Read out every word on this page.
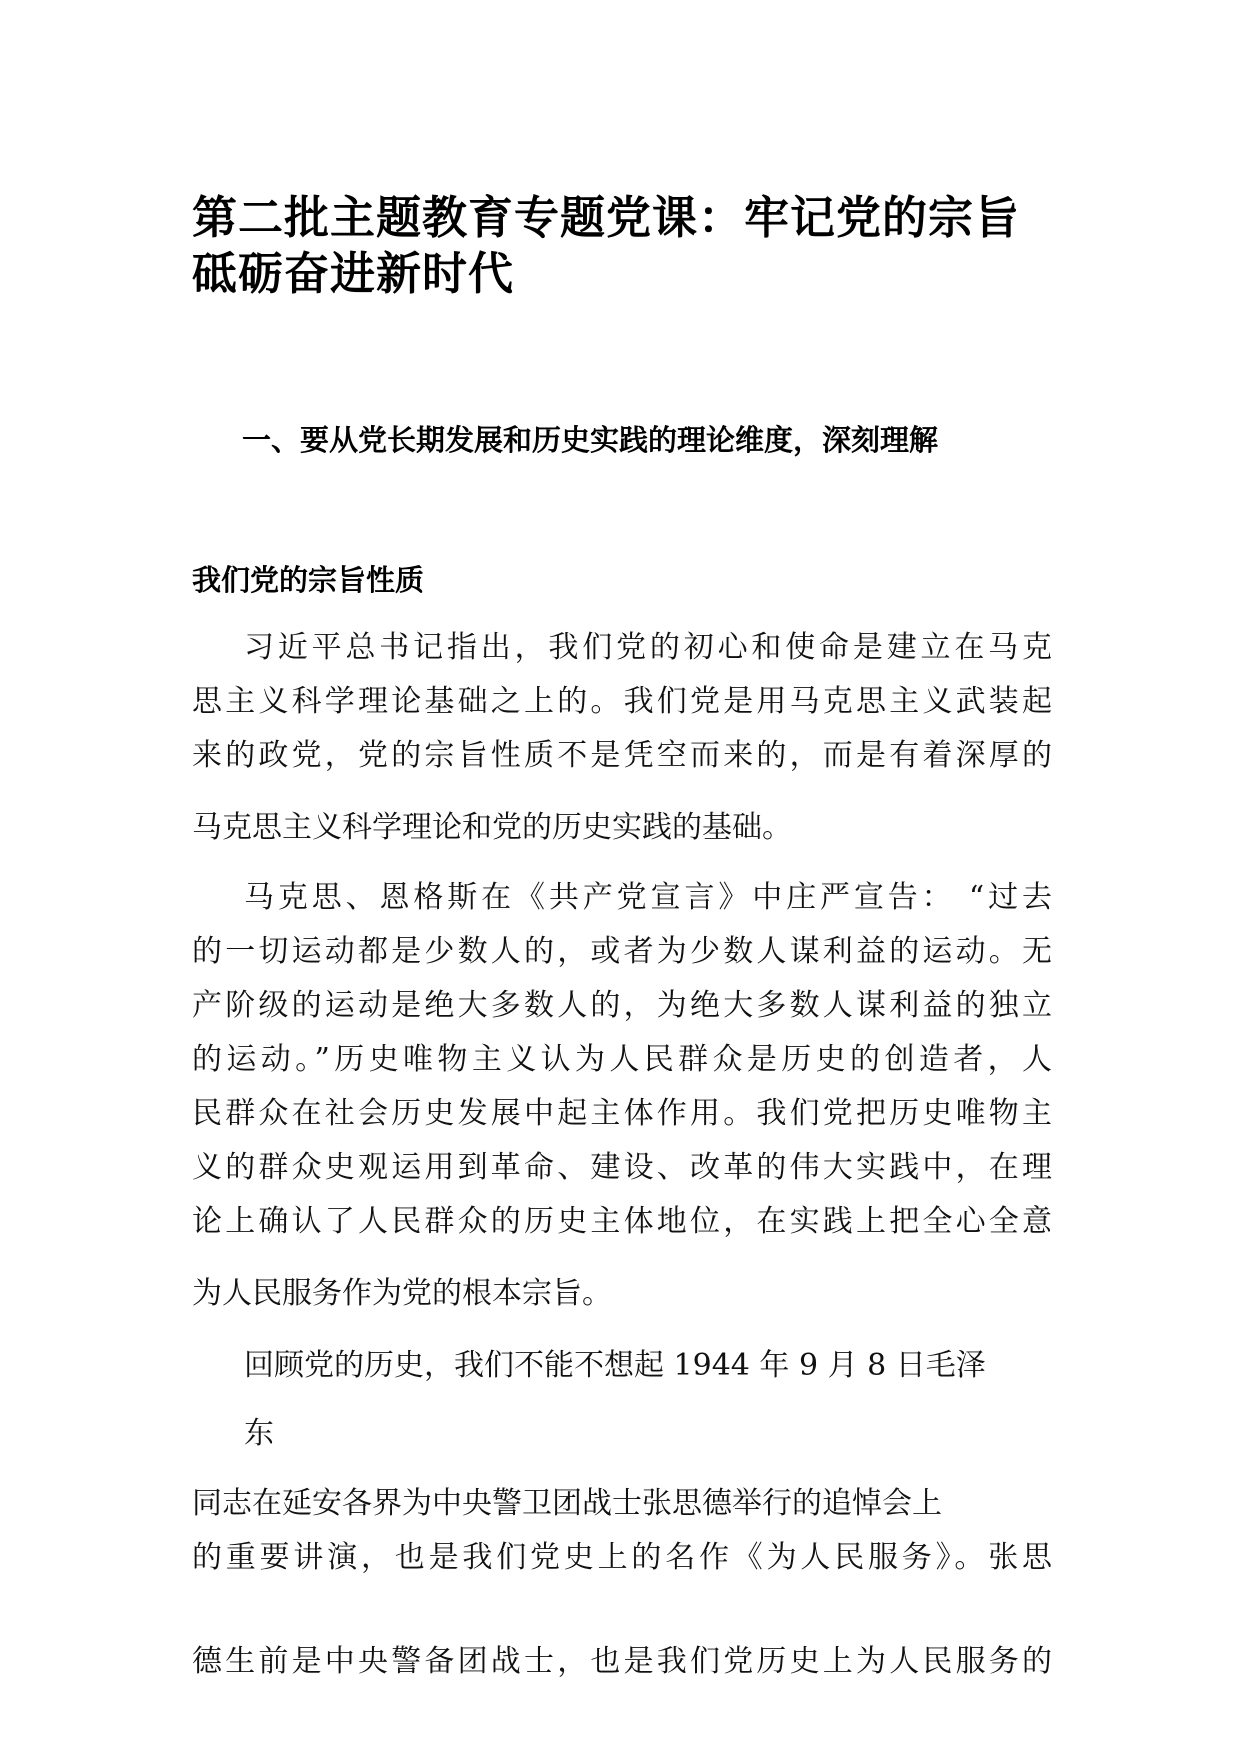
第二批主题教育专题党课：牢记党的宗旨
砥砺奋进新时代
一、要从党长期发展和历史实践的理论维度，深刻理解
我们党的宗旨性质

习近平总书记指出，我们党的初心和使命是建立在马克

思主义科学理论基础之上的。我们党是用马克思主义武装起

来的政党，党的宗旨性质不是凭空而来的，而是有着深厚的

马克思主义科学理论和党的历史实践的基础。

马克思、恩格斯在《共产党宣言》中庄严宣告： “过去

的一切运动都是少数人的，或者为少数人谋利益的运动。无

产阶级的运动是绝大多数人的，为绝大多数人谋利益的独立

的运动。”历史唯物主义认为人民群众是历史的创造者，人

民群众在社会历史发展中起主体作用。我们党把历史唯物主

义的群众史观运用到革命、建设、改革的伟大实践中，在理

论上确认了人民群众的历史主体地位，在实践上把全心全意

为人民服务作为党的根本宗旨。

回顾党的历史，我们不能不想起 1944 年 9 月 8 日毛泽

东

同志在延安各界为中央警卫团战士张思德举行的追悼会上

的重要讲演，也是我们党史上的名作《为人民服务》。张思

德生前是中央警备团战士，也是我们党历史上为人民服务的
